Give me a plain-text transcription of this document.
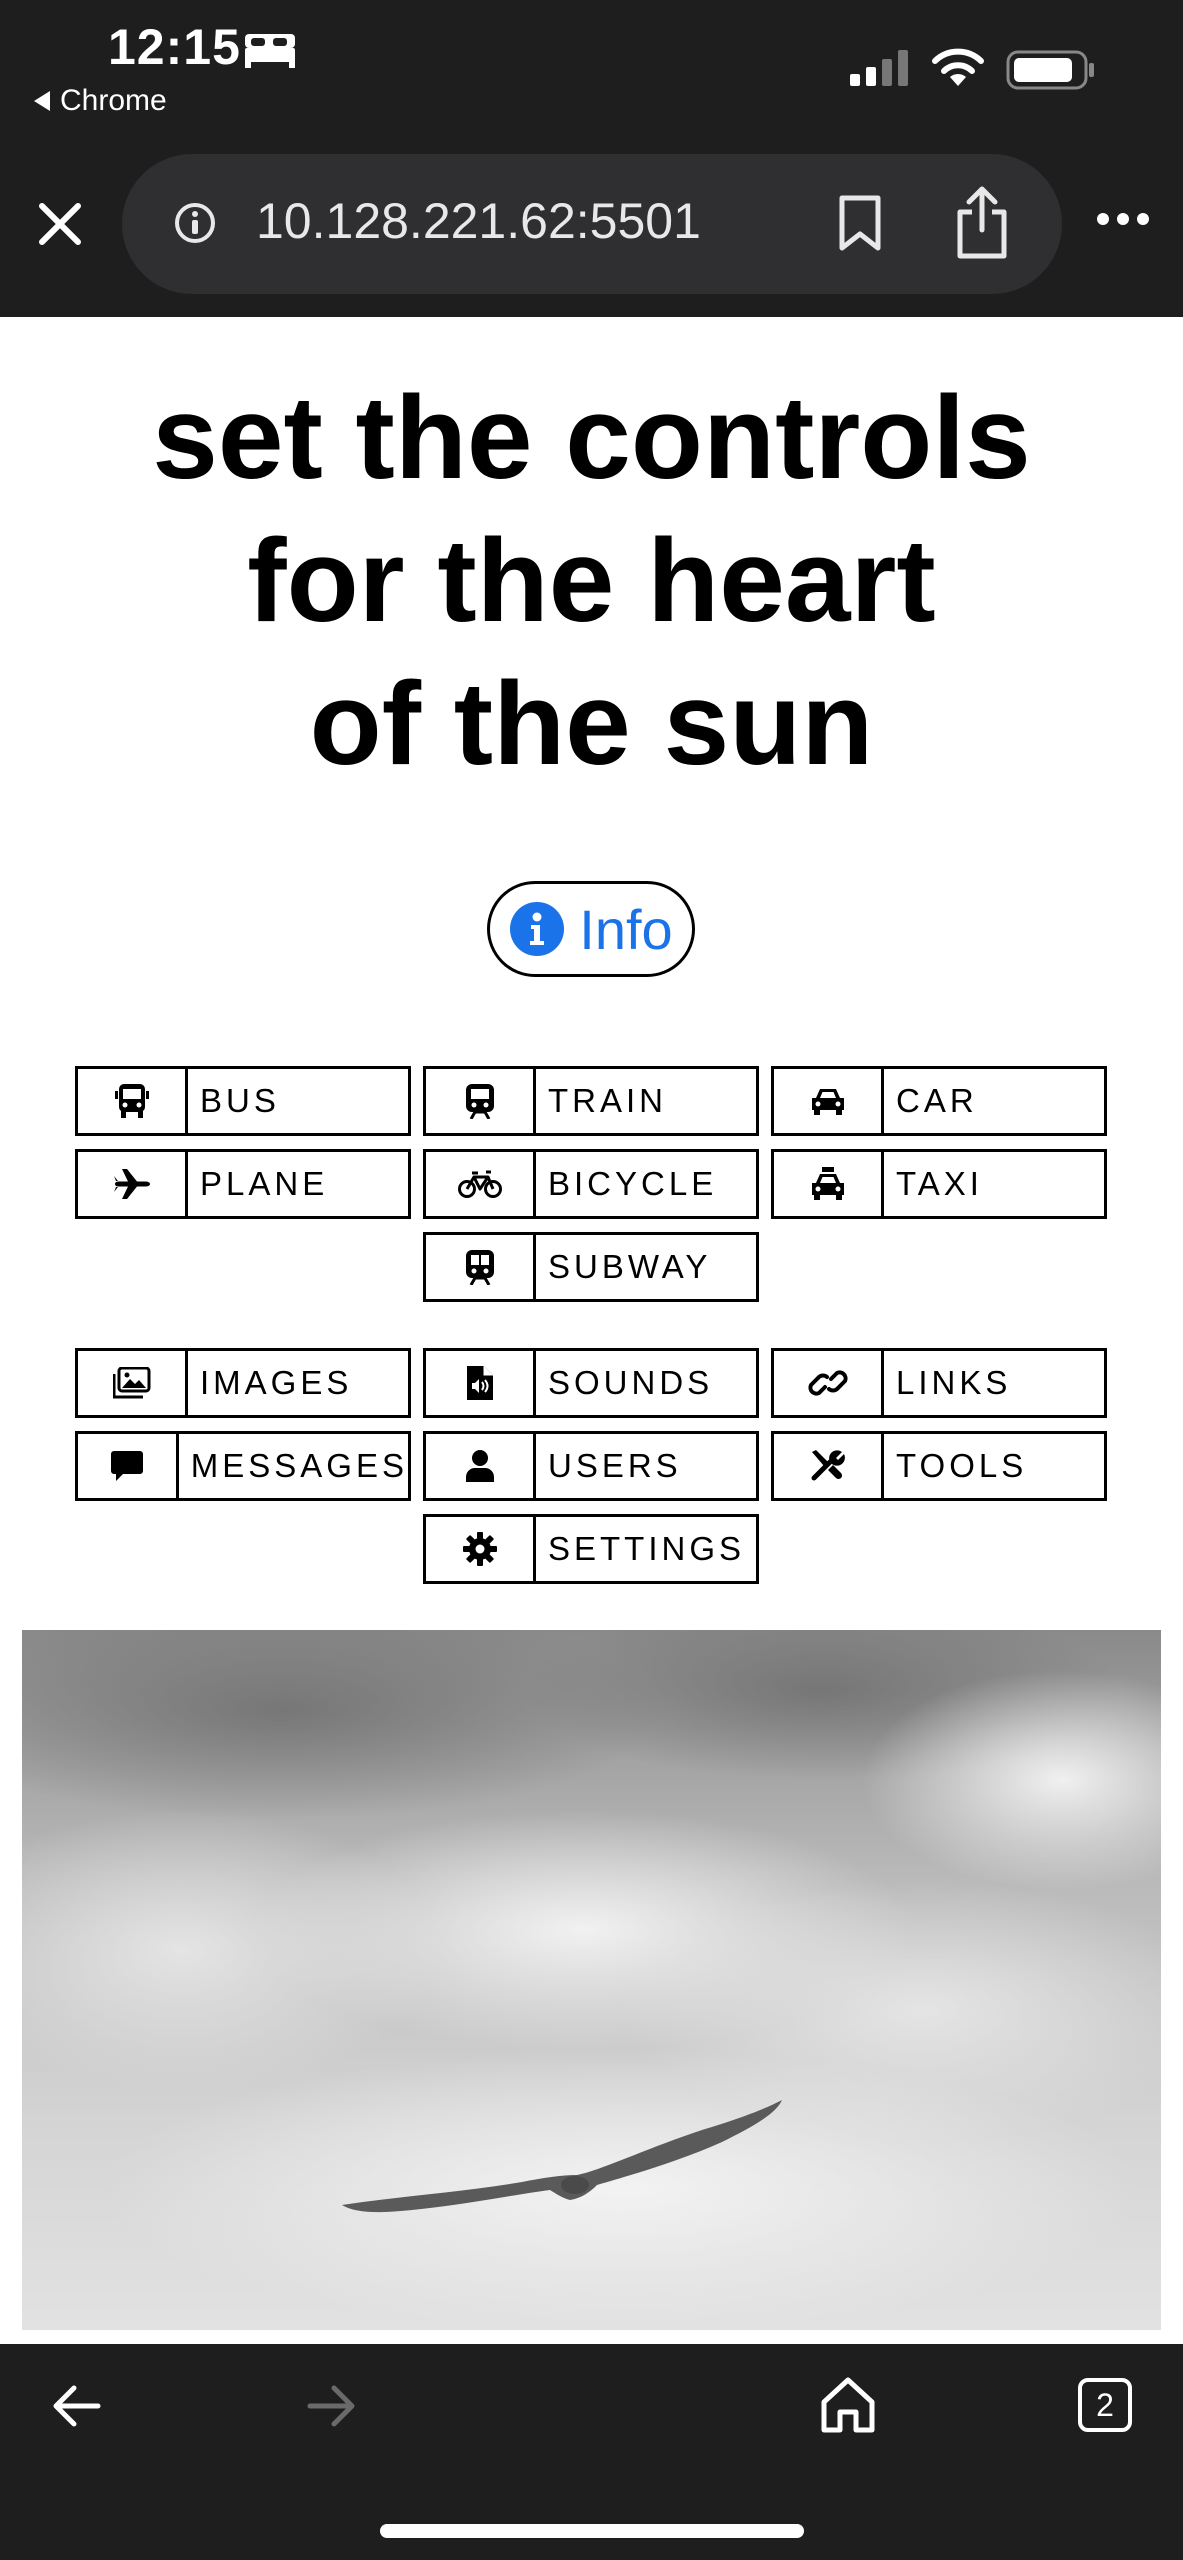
12:15
Chrome
10.128.221.62:5501
set the controls
for the heart
of the sun
Info
BUS	TRAIN	CAR
PLANE	BICYCLE	TAXI
SUBWAY
IMAGES	SOUNDS	LINKS
MESSAGES	USERS	TOOLS
SETTINGS
2
